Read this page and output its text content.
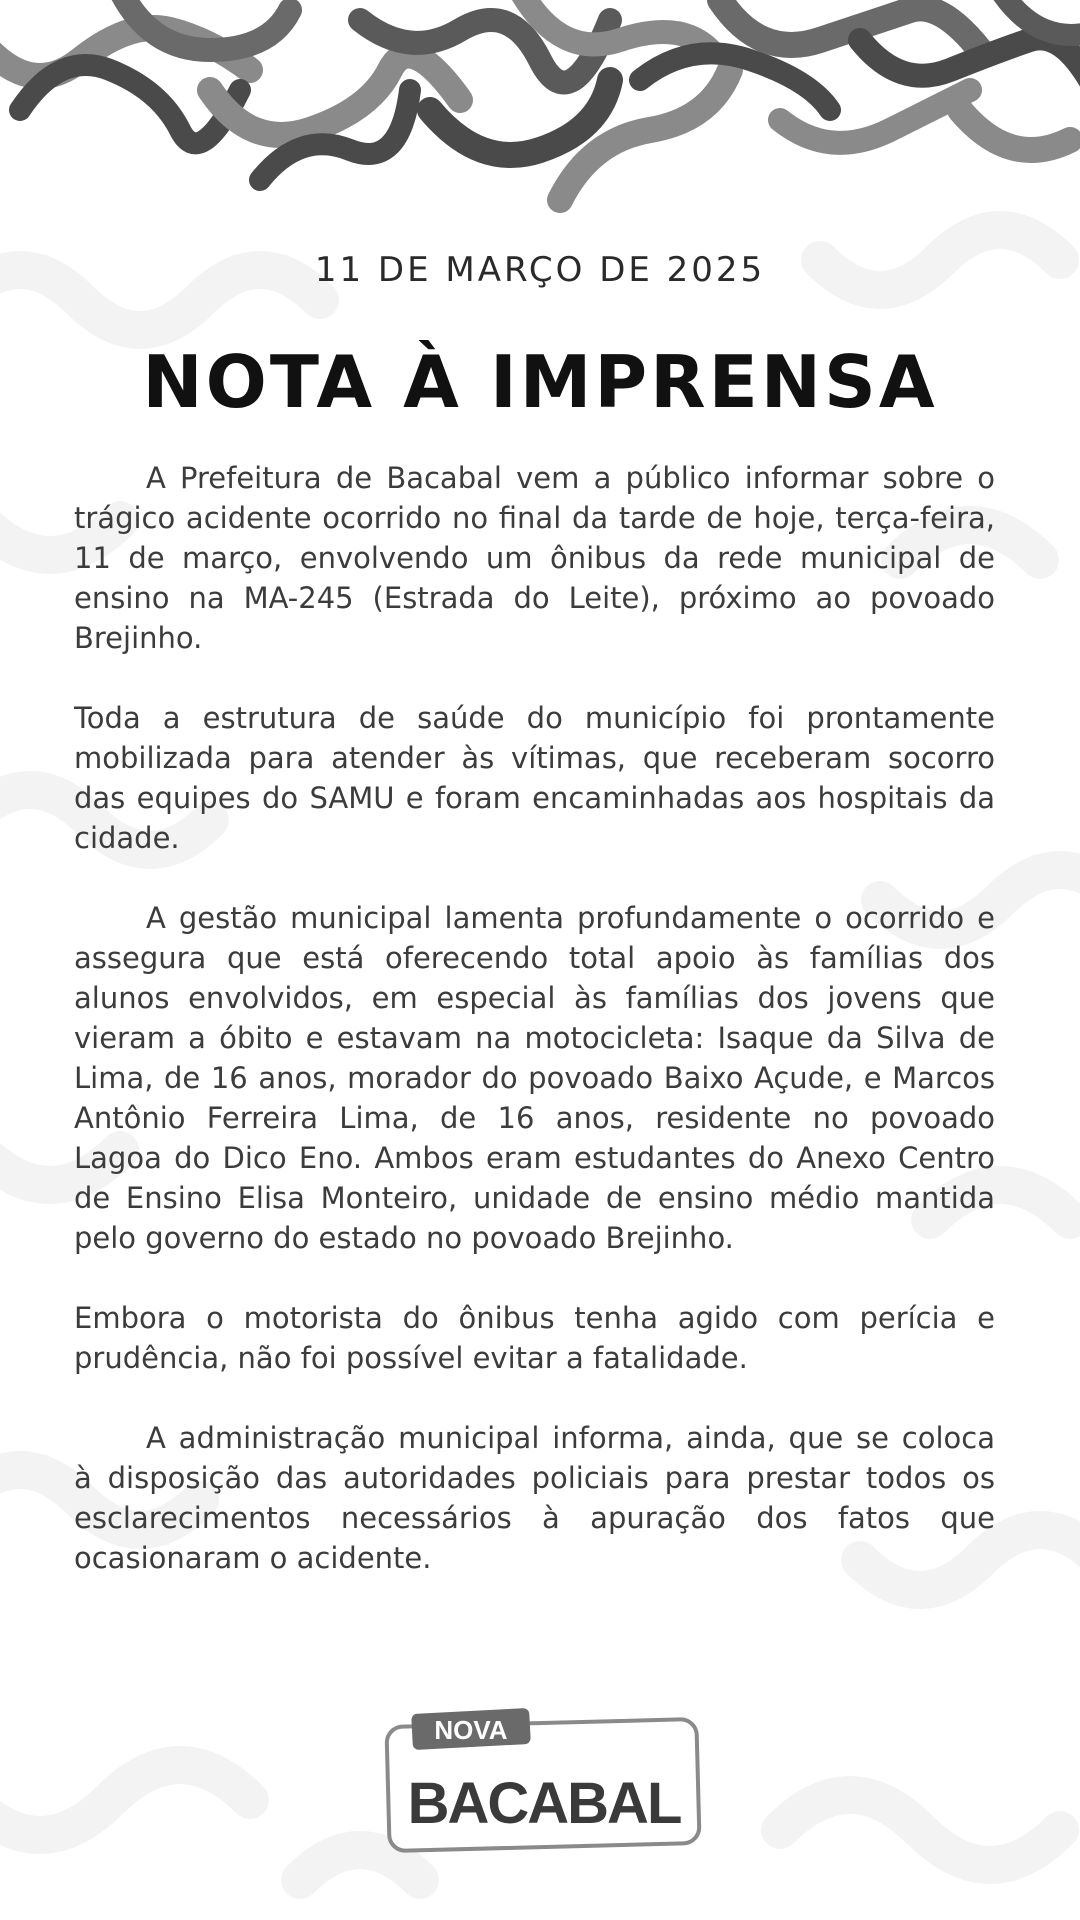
11 DE MARÇO DE 2025
NOTA À IMPRENSA

A Prefeitura de Bacabal vem a público informar sobre o trágico acidente ocorrido no final da tarde de hoje, terça-feira, 11 de março, envolvendo um ônibus da rede municipal de ensino na MA-245 (Estrada do Leite), próximo ao povoado Brejinho.

Toda a estrutura de saúde do município foi prontamente mobilizada para atender às vítimas, que receberam socorro das equipes do SAMU e foram encaminhadas aos hospitais da cidade.

A gestão municipal lamenta profundamente o ocorrido e assegura que está oferecendo total apoio às famílias dos alunos envolvidos, em especial às famílias dos jovens que vieram a óbito e estavam na motocicleta: Isaque da Silva de Lima, de 16 anos, morador do povoado Baixo Açude, e Marcos Antônio Ferreira Lima, de 16 anos, residente no povoado Lagoa do Dico Eno. Ambos eram estudantes do Anexo Centro de Ensino Elisa Monteiro, unidade de ensino médio mantida pelo governo do estado no povoado Brejinho.

Embora o motorista do ônibus tenha agido com perícia e prudência, não foi possível evitar a fatalidade.

A administração municipal informa, ainda, que se coloca à disposição das autoridades policiais para prestar todos os esclarecimentos necessários à apuração dos fatos que ocasionaram o acidente.

NOVA
BACABAL
